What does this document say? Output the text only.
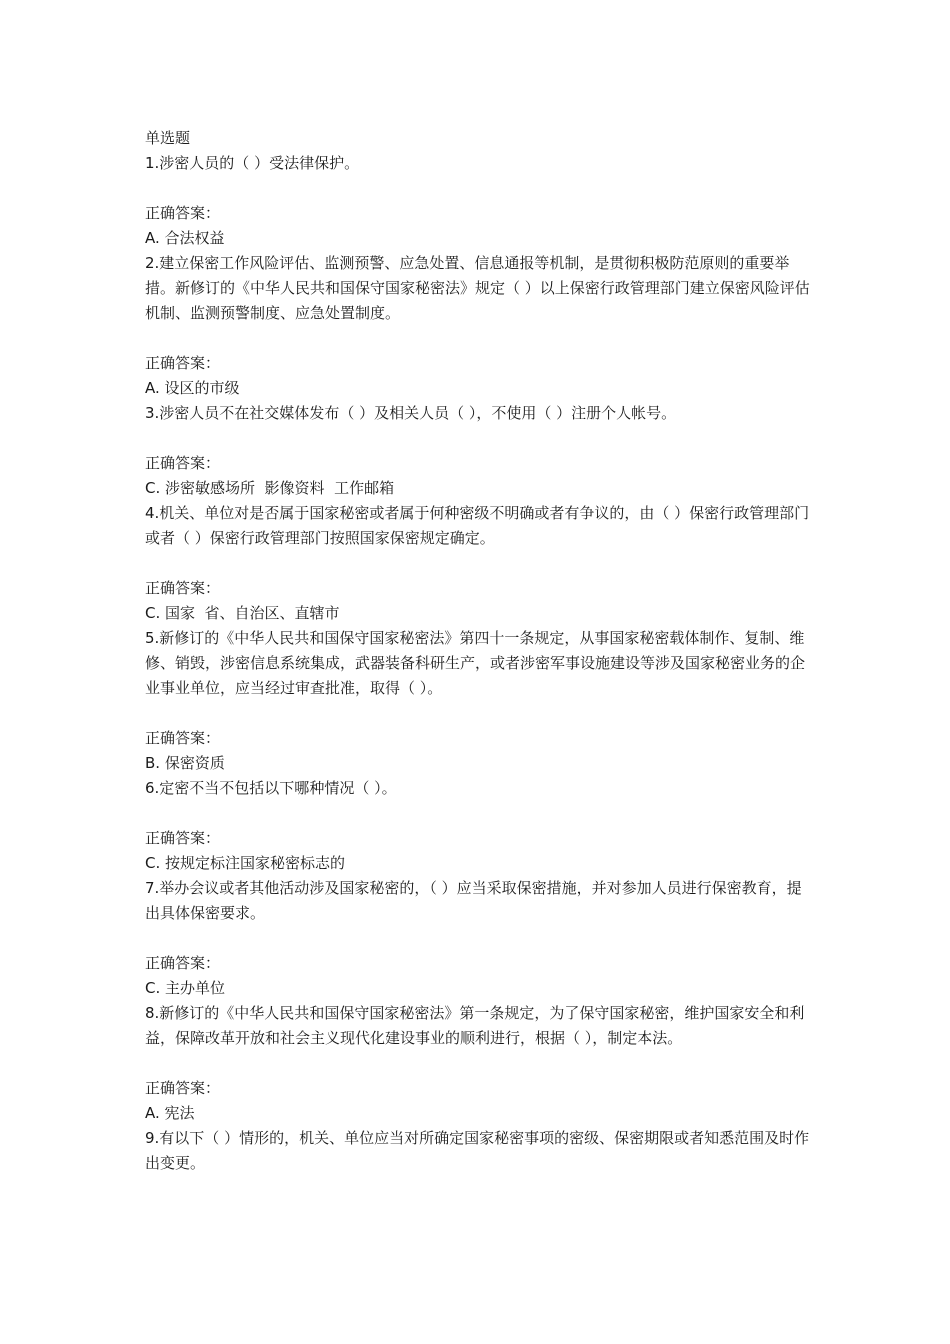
单选题
1.涉密人员的（ ）受法律保护。
正确答案：
A. 合法权益
2.建立保密工作风险评估、监测预警、应急处置、信息通报等机制，是贯彻积极防范原则的重要举措。新修订的《中华人民共和国保守国家秘密法》规定（ ）以上保密行政管理部门建立保密风险评估机制、监测预警制度、应急处置制度。
正确答案：
A. 设区的市级
3.涉密人员不在社交媒体发布（ ）及相关人员（ ），不使用（ ）注册个人帐号。
正确答案：
C. 涉密敏感场所  影像资料  工作邮箱
4.机关、单位对是否属于国家秘密或者属于何种密级不明确或者有争议的，由（ ）保密行政管理部门或者（ ）保密行政管理部门按照国家保密规定确定。
正确答案：
C. 国家  省、自治区、直辖市
5.新修订的《中华人民共和国保守国家秘密法》第四十一条规定，从事国家秘密载体制作、复制、维修、销毁，涉密信息系统集成，武器装备科研生产，或者涉密军事设施建设等涉及国家秘密业务的企业事业单位，应当经过审查批准，取得（ ）。
正确答案：
B. 保密资质
6.定密不当不包括以下哪种情况（ ）。
正确答案：
C. 按规定标注国家秘密标志的
7.举办会议或者其他活动涉及国家秘密的，（ ）应当采取保密措施，并对参加人员进行保密教育，提出具体保密要求。
正确答案：
C. 主办单位
8.新修订的《中华人民共和国保守国家秘密法》第一条规定，为了保守国家秘密，维护国家安全和利益，保障改革开放和社会主义现代化建设事业的顺利进行，根据（ ），制定本法。
正确答案：
A. 宪法
9.有以下（ ）情形的，机关、单位应当对所确定国家秘密事项的密级、保密期限或者知悉范围及时作出变更。
